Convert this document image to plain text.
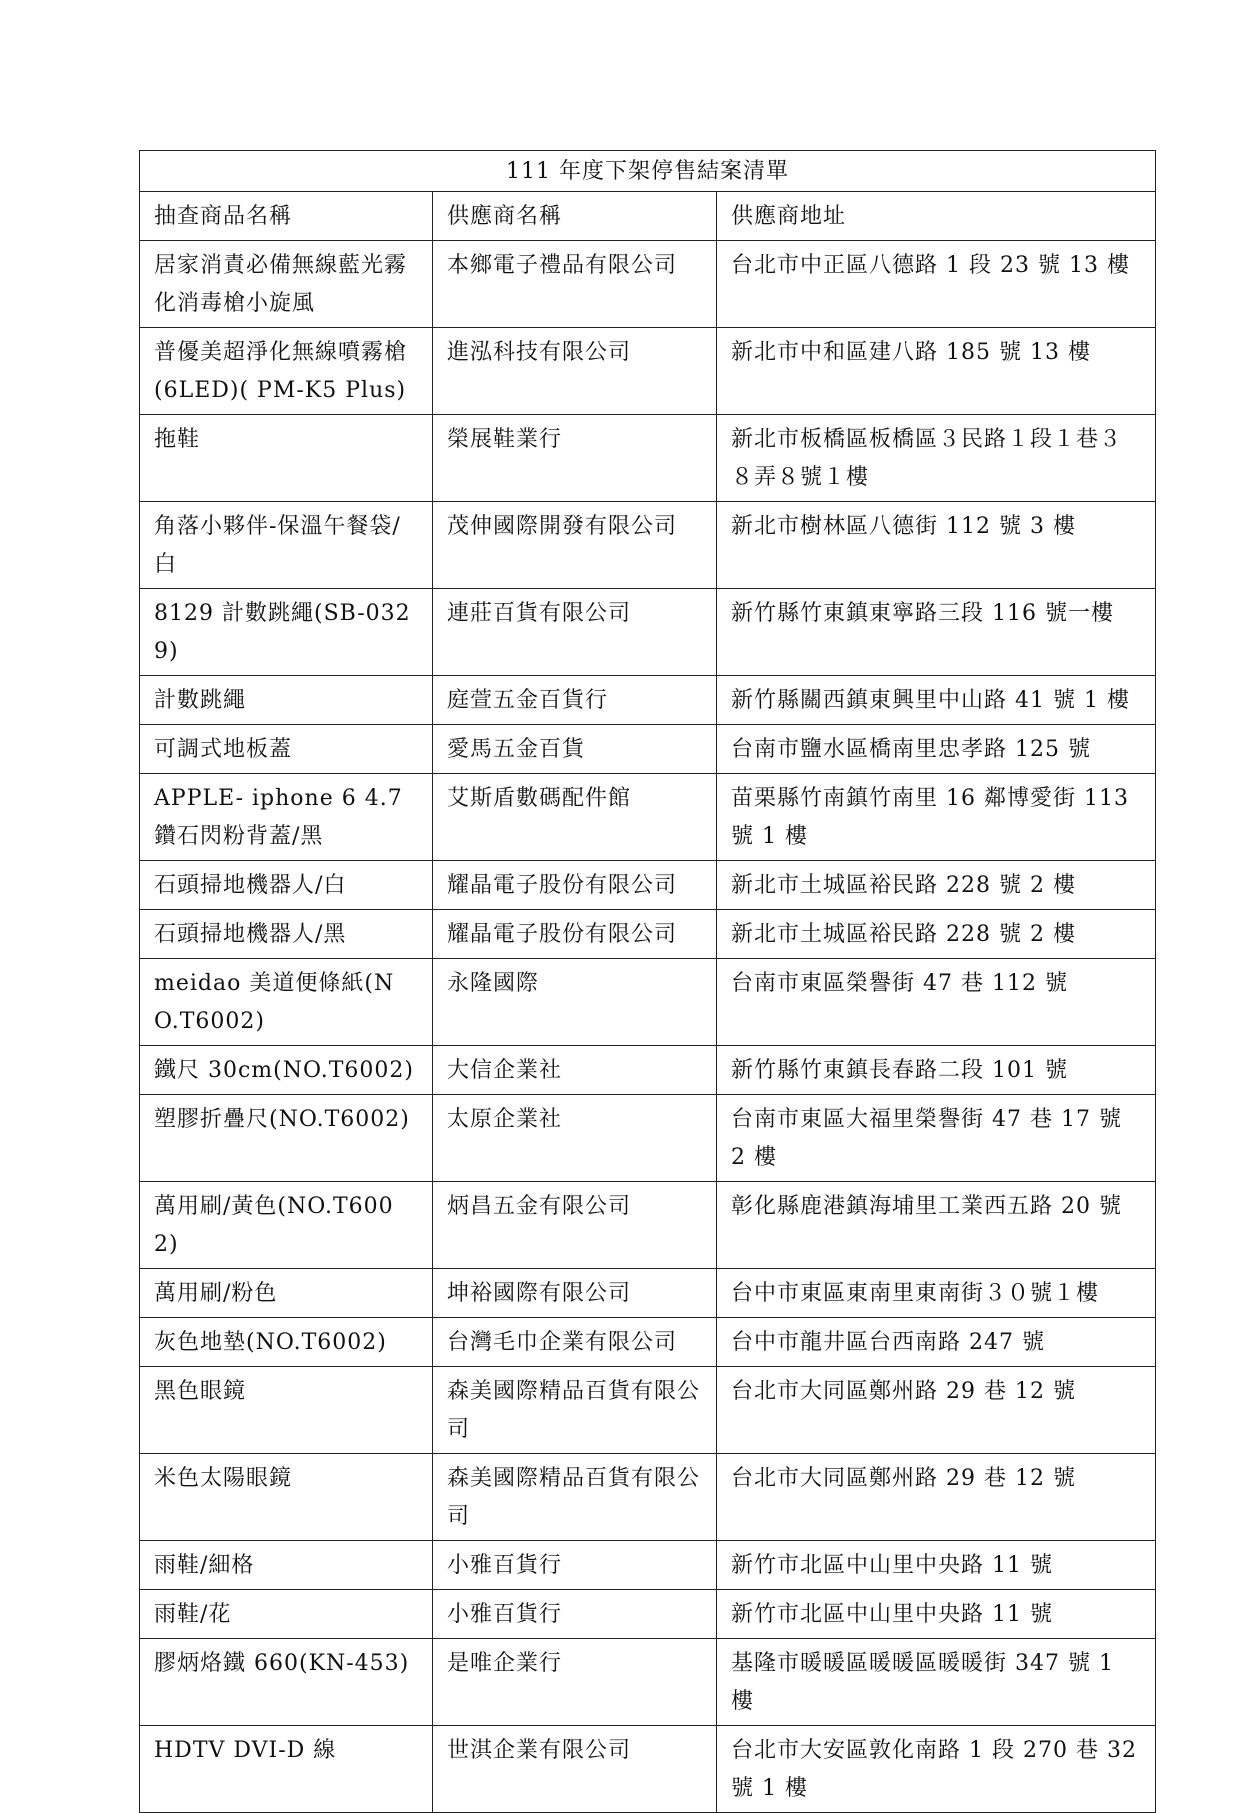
111 年度下架停售結案清單		
抽查商品名稱	供應商名稱	供應商地址
居家消責必備無線藍光霧化消毒槍小旋風	本鄉電子禮品有限公司	台北市中正區八德路 1 段 23 號 13 樓
普優美超淨化無線噴霧槍(6LED)( PM-K5 Plus)	進泓科技有限公司	新北市中和區建八路 185 號 13 樓
拖鞋	榮展鞋業行	新北市板橋區板橋區３民路１段１巷３８弄８號１樓
角落小夥伴-保溫午餐袋/白	茂伸國際開發有限公司	新北市樹林區八德街 112 號 3 樓
8129 計數跳繩(SB-0329)	連莊百貨有限公司	新竹縣竹東鎮東寧路三段 116 號一樓
計數跳繩	庭萱五金百貨行	新竹縣關西鎮東興里中山路 41 號 1 樓
可調式地板蓋	愛馬五金百貨	台南市鹽水區橋南里忠孝路 125 號
APPLE- iphone 6 4.7 鑽石閃粉背蓋/黑	艾斯盾數碼配件館	苗栗縣竹南鎮竹南里 16 鄰博愛街 113 號 1 樓
石頭掃地機器人/白	耀晶電子股份有限公司	新北市土城區裕民路 228 號 2 樓
石頭掃地機器人/黑	耀晶電子股份有限公司	新北市土城區裕民路 228 號 2 樓
meidao 美道便條紙(NO.T6002)	永隆國際	台南市東區榮譽街 47 巷 112 號
鐵尺 30cm(NO.T6002)	大信企業社	新竹縣竹東鎮長春路二段 101 號
塑膠折疊尺(NO.T6002)	太原企業社	台南市東區大福里榮譽街 47 巷 17 號 2 樓
萬用刷/黃色(NO.T6002)	炳昌五金有限公司	彰化縣鹿港鎮海埔里工業西五路 20 號
萬用刷/粉色	坤裕國際有限公司	台中市東區東南里東南街３０號１樓
灰色地墊(NO.T6002)	台灣毛巾企業有限公司	台中市龍井區台西南路 247 號
黑色眼鏡	森美國際精品百貨有限公司	台北市大同區鄭州路 29 巷 12 號
米色太陽眼鏡	森美國際精品百貨有限公司	台北市大同區鄭州路 29 巷 12 號
雨鞋/細格	小雅百貨行	新竹市北區中山里中央路 11 號
雨鞋/花	小雅百貨行	新竹市北區中山里中央路 11 號
膠炳烙鐵 660(KN-453)	是唯企業行	基隆市暖暖區暖暖區暖暖街 347 號 1 樓
HDTV DVI-D 線	世淇企業有限公司	台北市大安區敦化南路 1 段 270 巷 32 號 1 樓
